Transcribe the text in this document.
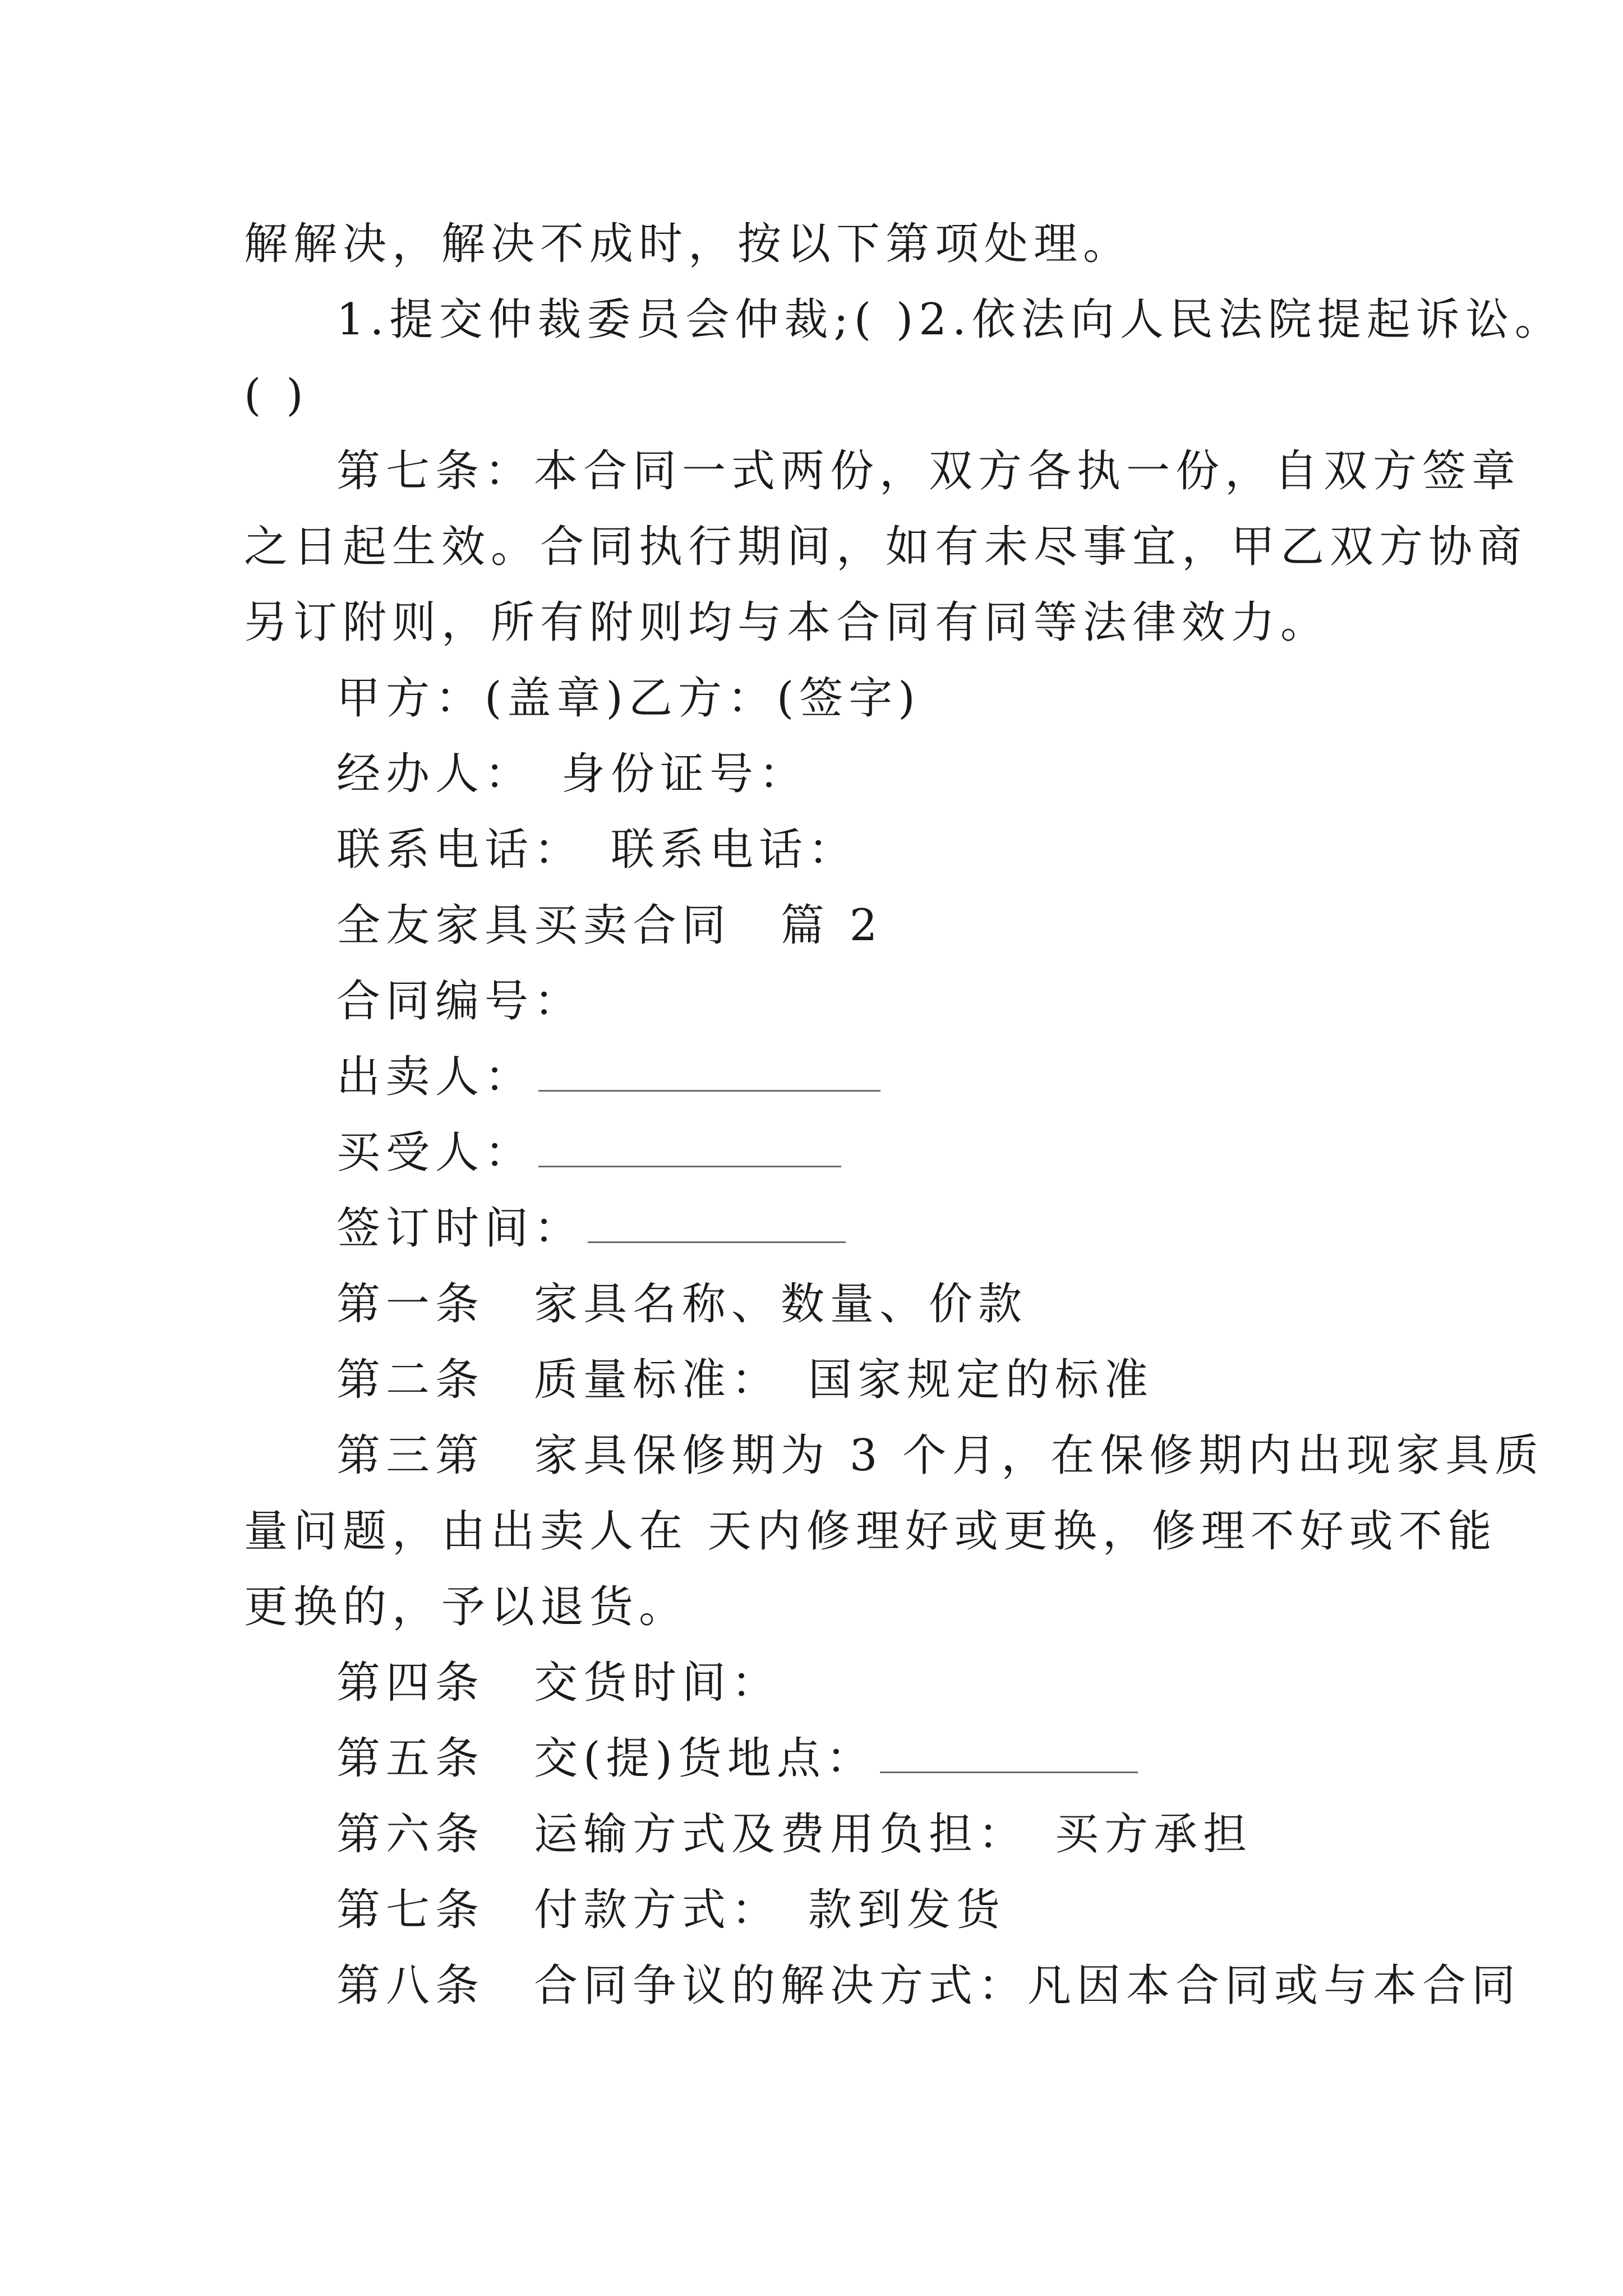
解解决，解决不成时，按以下第项处理。
1.提交仲裁委员会仲裁;( )2.依法向人民法院提起诉讼。
( )
第七条：本合同一式两份，双方各执一份，自双方签章
之日起生效。合同执行期间，如有未尽事宜，甲乙双方协商
另订附则，所有附则均与本合同有同等法律效力。
甲方：(盖章)乙方：(签字)
经办人：　身份证号：
联系电话：　联系电话：
全友家具买卖合同　篇 2
合同编号：
出卖人：
买受人：
签订时间：
第一条　家具名称、数量、价款
第二条　质量标准：　国家规定的标准
第三第　家具保修期为 3 个月，在保修期内出现家具质
量问题，由出卖人在 天内修理好或更换，修理不好或不能
更换的，予以退货。
第四条　交货时间：
第五条　交(提)货地点：
第六条　运输方式及费用负担：　买方承担
第七条　付款方式：　款到发货
第八条　合同争议的解决方式：凡因本合同或与本合同
